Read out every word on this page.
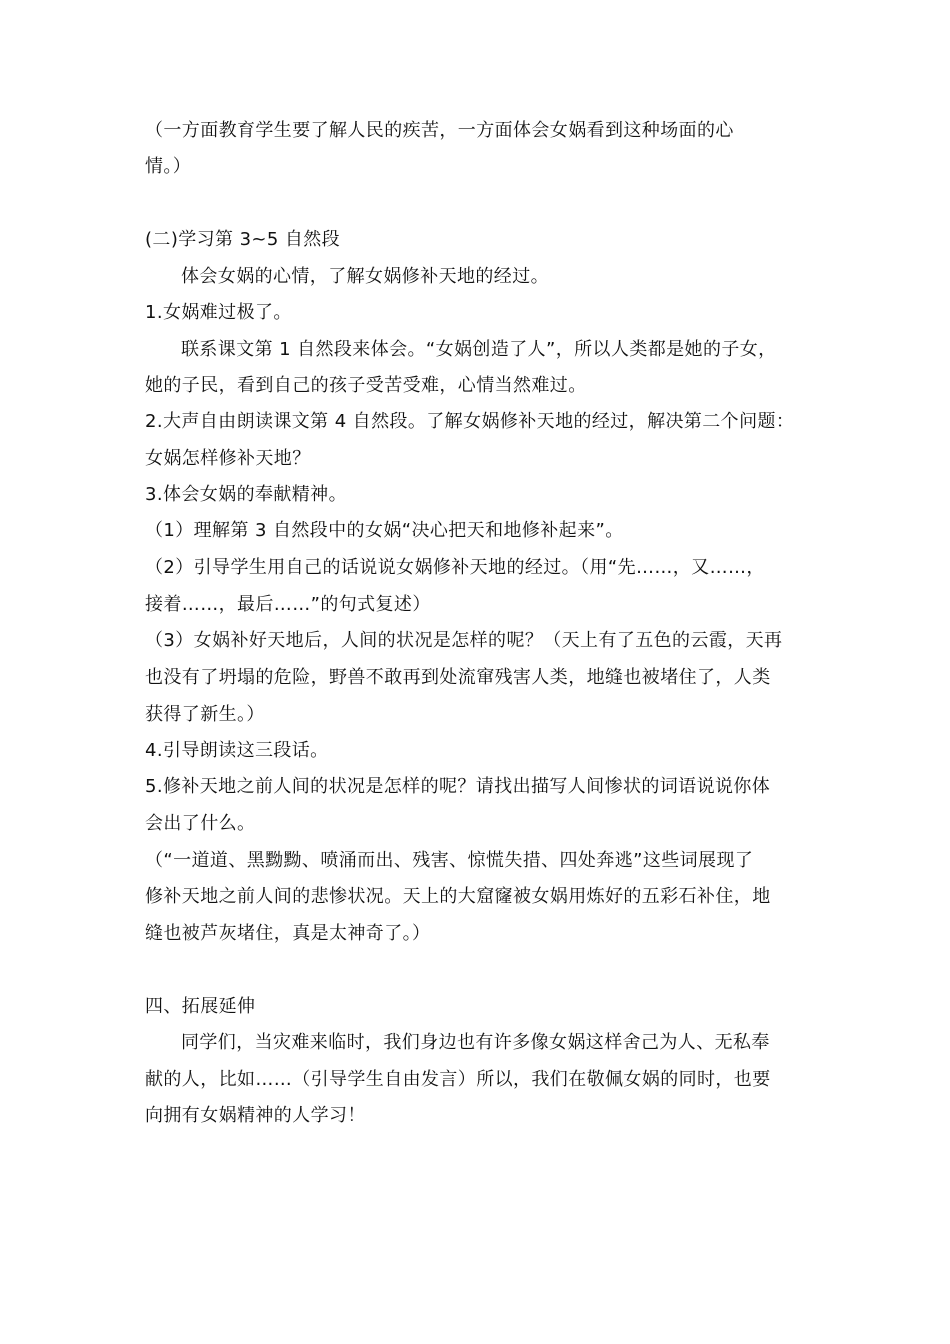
（一方面教育学生要了解人民的疾苦，一方面体会女娲看到这种场面的心
情。）
(二)学习第 3~5 自然段
体会女娲的心情，了解女娲修补天地的经过。
1.女娲难过极了。
联系课文第 1 自然段来体会。“女娲创造了人”，所以人类都是她的子女，
她的子民，看到自己的孩子受苦受难，心情当然难过。
2.大声自由朗读课文第 4 自然段。了解女娲修补天地的经过，解决第二个问题：
女娲怎样修补天地？
3.体会女娲的奉献精神。
（1）理解第 3 自然段中的女娲“决心把天和地修补起来”。
（2）引导学生用自己的话说说女娲修补天地的经过。（用“先……，又……，
接着……，最后……”的句式复述）
（3）女娲补好天地后，人间的状况是怎样的呢？（天上有了五色的云霞，天再
也没有了坍塌的危险，野兽不敢再到处流窜残害人类，地缝也被堵住了，人类
获得了新生。）
4.引导朗读这三段话。
5.修补天地之前人间的状况是怎样的呢？请找出描写人间惨状的词语说说你体
会出了什么。
（“一道道、黑黝黝、喷涌而出、残害、惊慌失措、四处奔逃”这些词展现了
修补天地之前人间的悲惨状况。天上的大窟窿被女娲用炼好的五彩石补住，地
缝也被芦灰堵住，真是太神奇了。）
四、拓展延伸
同学们，当灾难来临时，我们身边也有许多像女娲这样舍己为人、无私奉
献的人，比如……（引导学生自由发言）所以，我们在敬佩女娲的同时，也要
向拥有女娲精神的人学习！
